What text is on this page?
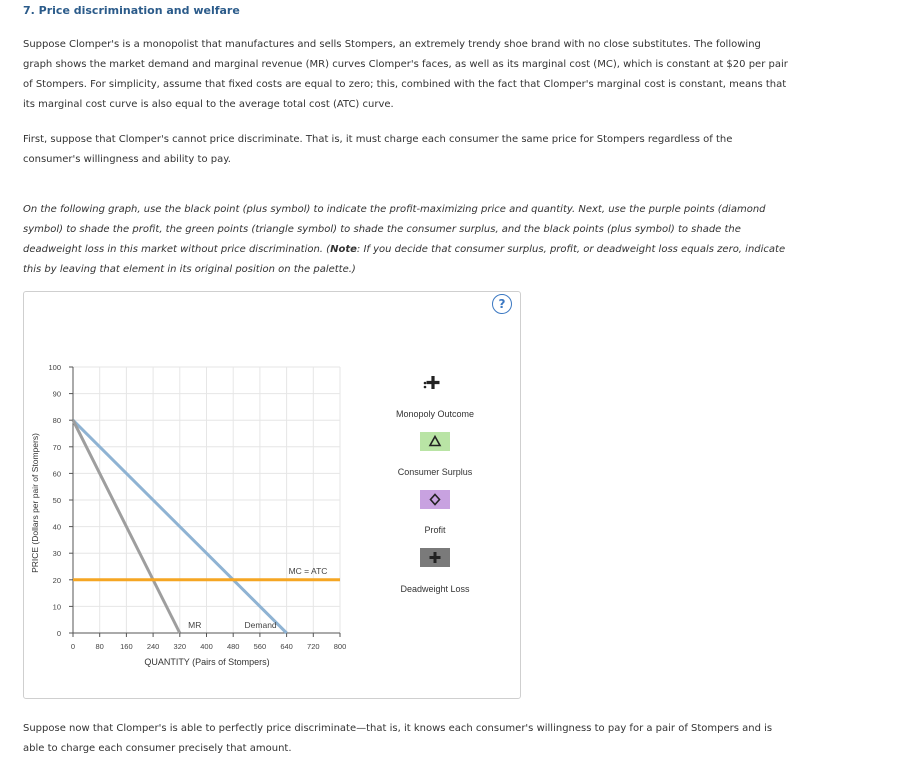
7. Price discrimination and welfare
Suppose Clomper's is a monopolist that manufactures and sells Stompers, an extremely trendy shoe brand with no close substitutes. The following graph shows the market demand and marginal revenue (MR) curves Clomper's faces, as well as its marginal cost (MC), which is constant at $20 per pair of Stompers. For simplicity, assume that fixed costs are equal to zero; this, combined with the fact that Clomper's marginal cost is constant, means that its marginal cost curve is also equal to the average total cost (ATC) curve.
First, suppose that Clomper's cannot price discriminate. That is, it must charge each consumer the same price for Stompers regardless of the consumer's willingness and ability to pay.
On the following graph, use the black point (plus symbol) to indicate the profit-maximizing price and quantity. Next, use the purple points (diamond symbol) to shade the profit, the green points (triangle symbol) to shade the consumer surplus, and the black points (plus symbol) to shade the deadweight loss in this market without price discrimination. (Note: If you decide that consumer surplus, profit, or deadweight loss equals zero, indicate this by leaving that element in its original position on the palette.)
?
0
10
20
30
40
50
60
70
80
90
100
0	80 160 240 320 400 480 560 640 720 800
MR	Demand
MC = ATC
PRICE (Dollars per pair of Stompers)
QUANTITY (Pairs of Stompers)
Monopoly Outcome
Consumer Surplus
Profit
Deadweight Loss
Suppose now that Clomper's is able to perfectly price discriminate—that is, it knows each consumer's willingness to pay for a pair of Stompers and is able to charge each consumer precisely that amount.
